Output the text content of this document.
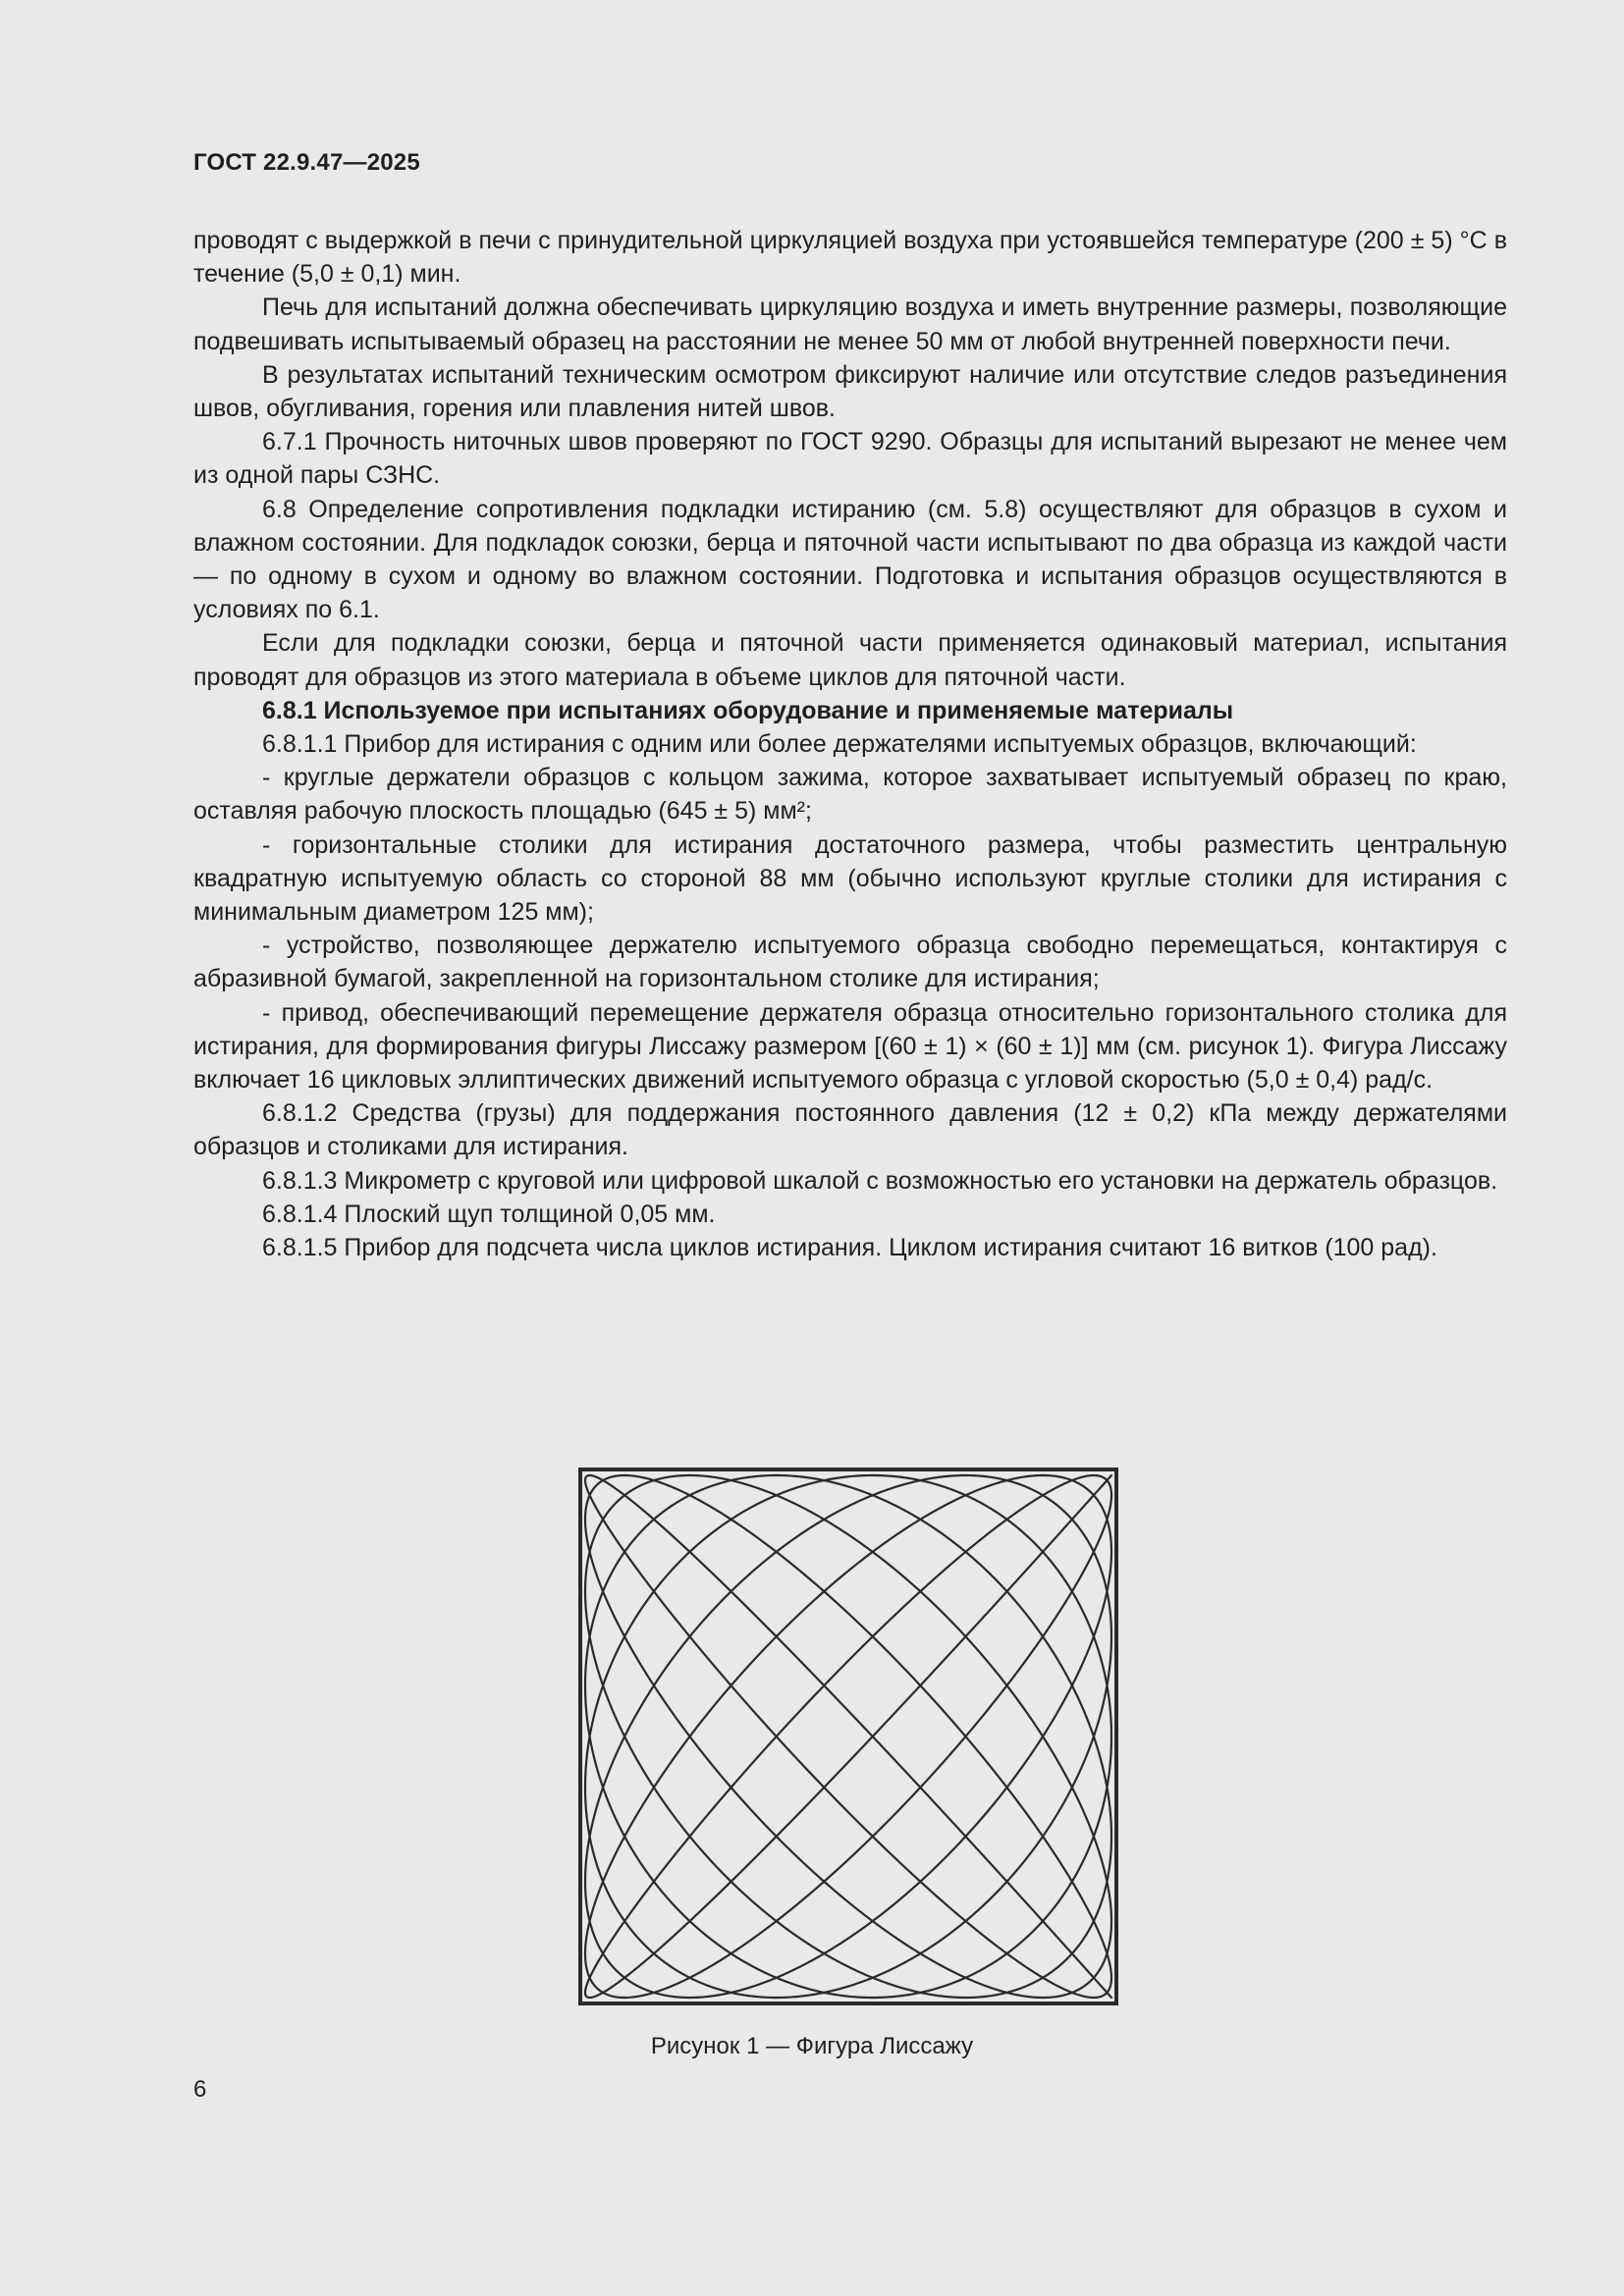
ГОСТ 22.9.47—2025

проводят с выдержкой в печи с принудительной циркуляцией воздуха при устоявшейся температуре (200 ± 5) °С в течение (5,0 ± 0,1) мин.

Печь для испытаний должна обеспечивать циркуляцию воздуха и иметь внутренние размеры, позволяющие подвешивать испытываемый образец на расстоянии не менее 50 мм от любой внутренней поверхности печи.

В результатах испытаний техническим осмотром фиксируют наличие или отсутствие следов разъединения швов, обугливания, горения или плавления нитей швов.

6.7.1 Прочность ниточных швов проверяют по ГОСТ 9290. Образцы для испытаний вырезают не менее чем из одной пары СЗНС.

6.8 Определение сопротивления подкладки истиранию (см. 5.8) осуществляют для образцов в сухом и влажном состоянии. Для подкладок союзки, берца и пяточной части испытывают по два образца из каждой части — по одному в сухом и одному во влажном состоянии. Подготовка и испытания образцов осуществляются в условиях по 6.1.

Если для подкладки союзки, берца и пяточной части применяется одинаковый материал, испытания проводят для образцов из этого материала в объеме циклов для пяточной части.

6.8.1 Используемое при испытаниях оборудование и применяемые материалы

6.8.1.1 Прибор для истирания с одним или более держателями испытуемых образцов, включающий:

- круглые держатели образцов с кольцом зажима, которое захватывает испытуемый образец по краю, оставляя рабочую плоскость площадью (645 ± 5) мм²;

- горизонтальные столики для истирания достаточного размера, чтобы разместить центральную квадратную испытуемую область со стороной 88 мм (обычно используют круглые столики для истирания с минимальным диаметром 125 мм);

- устройство, позволяющее держателю испытуемого образца свободно перемещаться, контактируя с абразивной бумагой, закрепленной на горизонтальном столике для истирания;

- привод, обеспечивающий перемещение держателя образца относительно горизонтального столика для истирания, для формирования фигуры Лиссажу размером [(60 ± 1) × (60 ± 1)] мм (см. рисунок 1). Фигура Лиссажу включает 16 цикловых эллиптических движений испытуемого образца с угловой скоростью (5,0 ± 0,4) рад/с.

6.8.1.2 Средства (грузы) для поддержания постоянного давления (12 ± 0,2) кПа между держателями образцов и столиками для истирания.

6.8.1.3 Микрометр с круговой или цифровой шкалой с возможностью его установки на держатель образцов.

6.8.1.4 Плоский щуп толщиной 0,05 мм.

6.8.1.5 Прибор для подсчета числа циклов истирания. Циклом истирания считают 16 витков (100 рад).

Рисунок 1 — Фигура Лиссажу
6
